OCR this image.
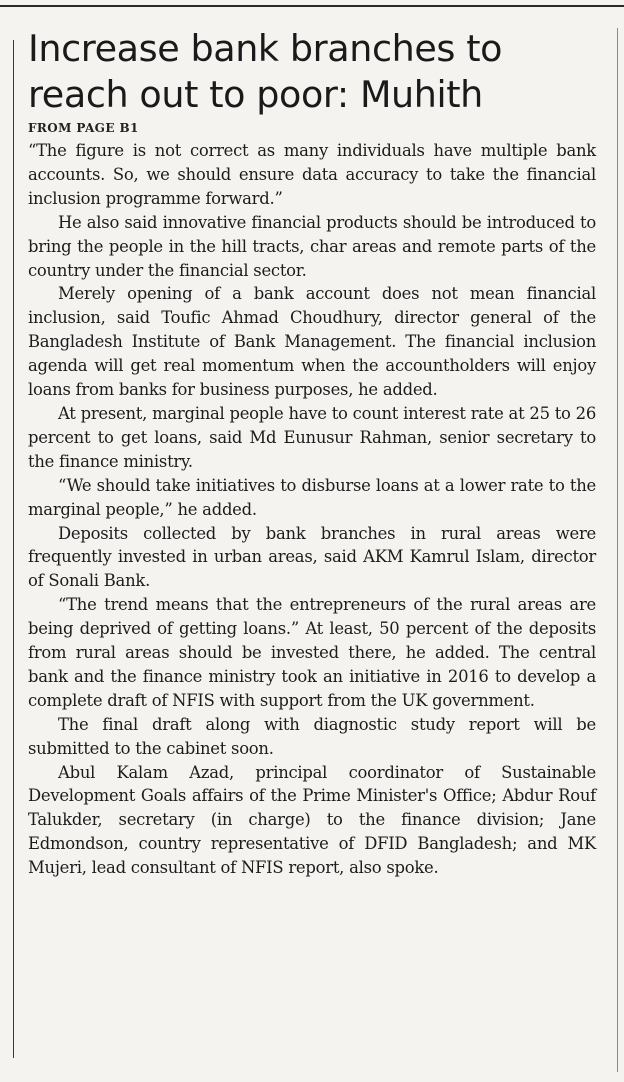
Increase bank branches to
reach out to poor: Muhith
FROM PAGE B1

“The figure is not correct as many individuals have multiple bank accounts. So, we should ensure data accuracy to take the financial inclusion programme forward.”

He also said innovative financial products should be introduced to bring the people in the hill tracts, char areas and remote parts of the country under the financial sector.

Merely opening of a bank account does not mean financial inclusion, said Toufic Ahmad Choudhury, director general of the Bangladesh Institute of Bank Management. The financial inclusion agenda will get real momentum when the accountholders will enjoy loans from banks for business purposes, he added.

At present, marginal people have to count interest rate at 25 to 26 percent to get loans, said Md Eunusur Rahman, senior secretary to the finance ministry.

“We should take initiatives to disburse loans at a lower rate to the marginal people,” he added.

Deposits collected by bank branches in rural areas were frequently invested in urban areas, said AKM Kamrul Islam, director of Sonali Bank.

“The trend means that the entrepreneurs of the rural areas are being deprived of getting loans.” At least, 50 percent of the deposits from rural areas should be invested there, he added. The central bank and the finance ministry took an initiative in 2016 to develop a complete draft of NFIS with support from the UK government.

The final draft along with diagnostic study report will be submitted to the cabinet soon.

Abul Kalam Azad, principal coordinator of Sustainable Development Goals affairs of the Prime Minister's Office; Abdur Rouf Talukder, secretary (in charge) to the finance division; Jane Edmondson, country representative of DFID Bangladesh; and MK Mujeri, lead consultant of NFIS report, also spoke.
